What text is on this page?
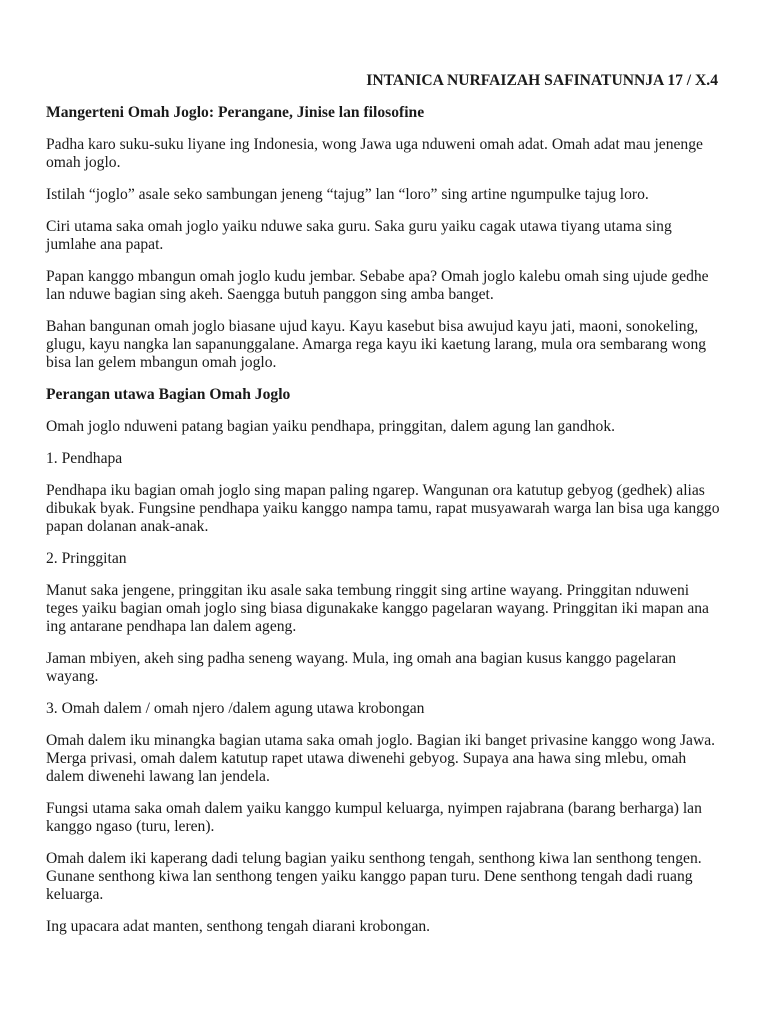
INTANICA NURFAIZAH SAFINATUNNJA 17 / X.4
Mangerteni Omah Joglo: Perangane, Jinise lan filosofine

Padha karo suku-suku liyane ing Indonesia, wong Jawa uga nduweni omah adat. Omah adat mau jenenge omah joglo.

Istilah “joglo” asale seko sambungan jeneng “tajug” lan “loro” sing artine ngumpulke tajug loro.

Ciri utama saka omah joglo yaiku nduwe saka guru. Saka guru yaiku cagak utawa tiyang utama sing jumlahe ana papat.

Papan kanggo mbangun omah joglo kudu jembar. Sebabe apa? Omah joglo kalebu omah sing ujude gedhe lan nduwe bagian sing akeh. Saengga butuh panggon sing amba banget.

Bahan bangunan omah joglo biasane ujud kayu. Kayu kasebut bisa awujud kayu jati, maoni, sonokeling, glugu, kayu nangka lan sapanunggalane. Amarga rega kayu iki kaetung larang, mula ora sembarang wong bisa lan gelem mbangun omah joglo.

Perangan utawa Bagian Omah Joglo

Omah joglo nduweni patang bagian yaiku pendhapa, pringgitan, dalem agung lan gandhok.

1. Pendhapa

Pendhapa iku bagian omah joglo sing mapan paling ngarep. Wangunan ora katutup gebyog (gedhek) alias dibukak byak. Fungsine pendhapa yaiku kanggo nampa tamu, rapat musyawarah warga lan bisa uga kanggo papan dolanan anak-anak.

2. Pringgitan

Manut saka jengene, pringgitan iku asale saka tembung ringgit sing artine wayang. Pringgitan nduweni teges yaiku bagian omah joglo sing biasa digunakake kanggo pagelaran wayang. Pringgitan iki mapan ana ing antarane pendhapa lan dalem ageng.

Jaman mbiyen, akeh sing padha seneng wayang. Mula, ing omah ana bagian kusus kanggo pagelaran wayang.

3. Omah dalem / omah njero /dalem agung utawa krobongan

Omah dalem iku minangka bagian utama saka omah joglo. Bagian iki banget privasine kanggo wong Jawa. Merga privasi, omah dalem katutup rapet utawa diwenehi gebyog. Supaya ana hawa sing mlebu, omah dalem diwenehi lawang lan jendela.

Fungsi utama saka omah dalem yaiku kanggo kumpul keluarga, nyimpen rajabrana (barang berharga) lan kanggo ngaso (turu, leren).

Omah dalem iki kaperang dadi telung bagian yaiku senthong tengah, senthong kiwa lan senthong tengen. Gunane senthong kiwa lan senthong tengen yaiku kanggo papan turu. Dene senthong tengah dadi ruang keluarga.

Ing upacara adat manten, senthong tengah diarani krobongan.
